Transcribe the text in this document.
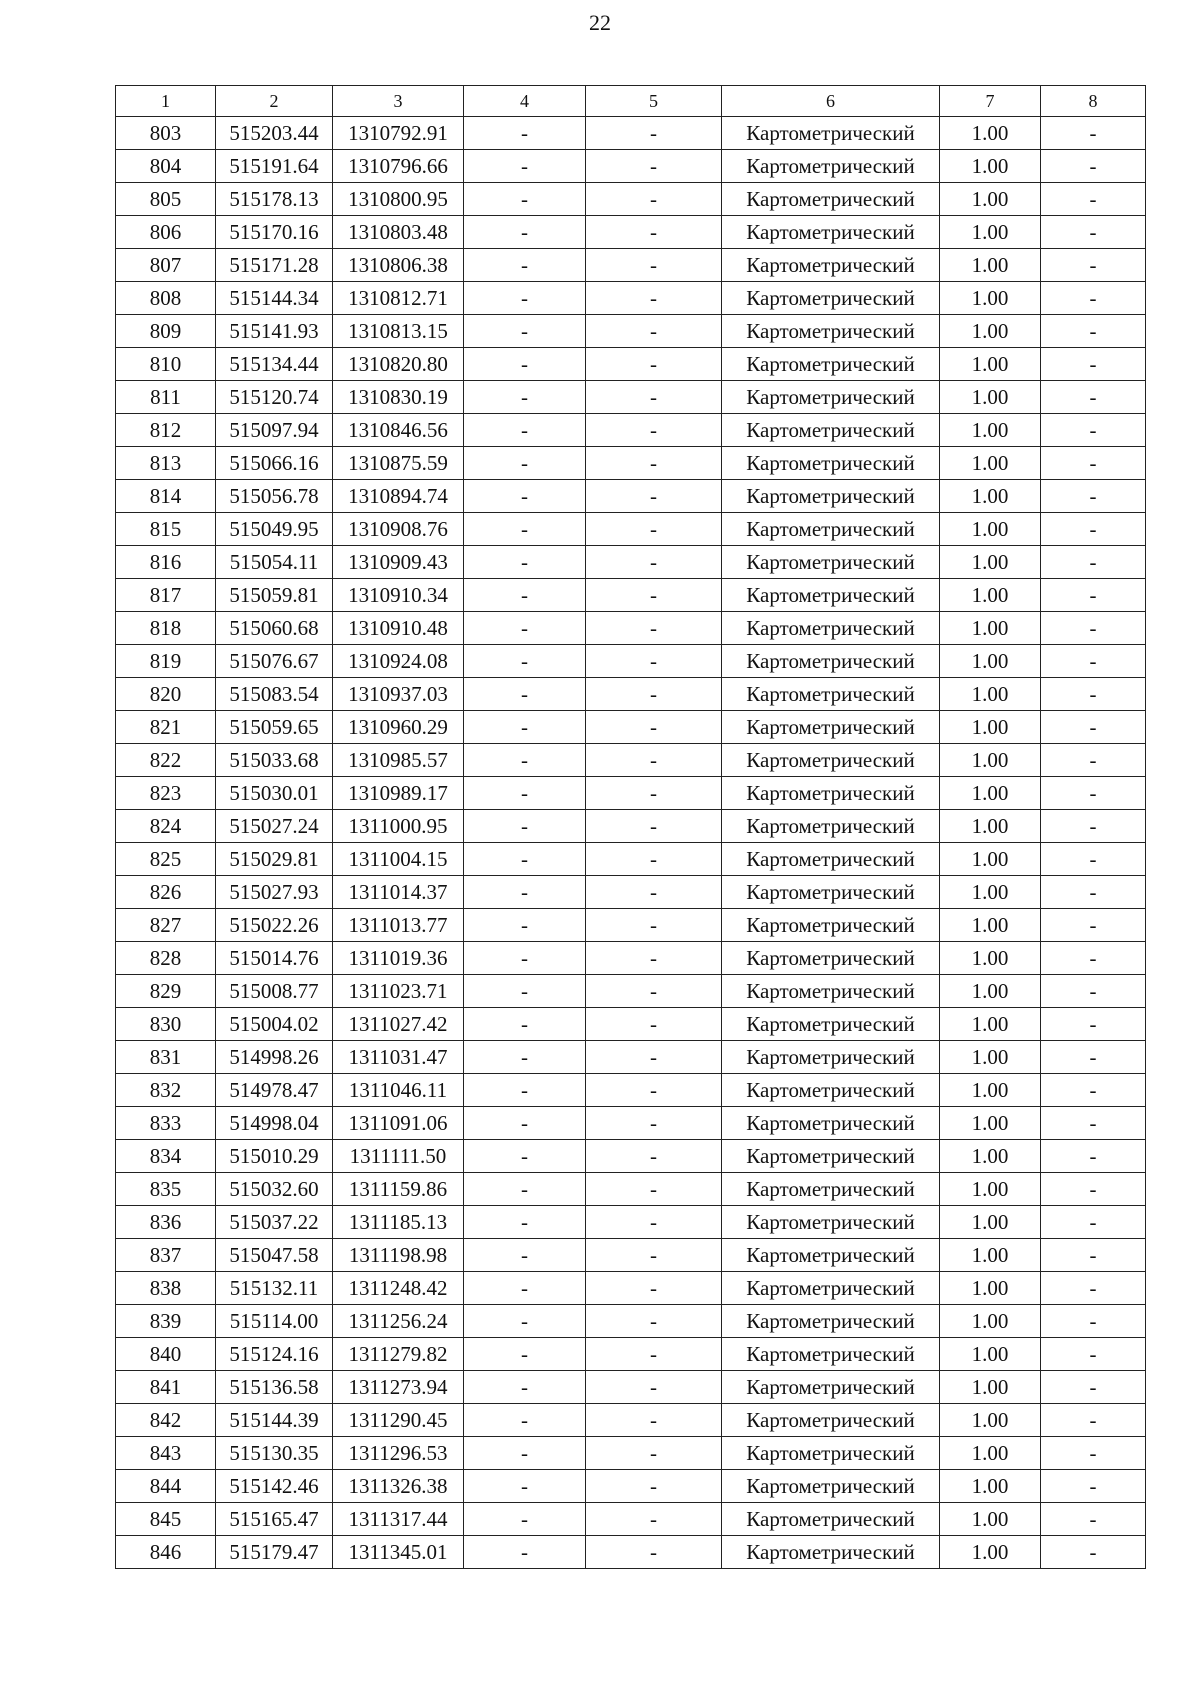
22
1	2	3	4	5	6	7	8
803	515203.44	1310792.91	-	-	Картометрический	1.00	-
804	515191.64	1310796.66	-	-	Картометрический	1.00	-
805	515178.13	1310800.95	-	-	Картометрический	1.00	-
806	515170.16	1310803.48	-	-	Картометрический	1.00	-
807	515171.28	1310806.38	-	-	Картометрический	1.00	-
808	515144.34	1310812.71	-	-	Картометрический	1.00	-
809	515141.93	1310813.15	-	-	Картометрический	1.00	-
810	515134.44	1310820.80	-	-	Картометрический	1.00	-
811	515120.74	1310830.19	-	-	Картометрический	1.00	-
812	515097.94	1310846.56	-	-	Картометрический	1.00	-
813	515066.16	1310875.59	-	-	Картометрический	1.00	-
814	515056.78	1310894.74	-	-	Картометрический	1.00	-
815	515049.95	1310908.76	-	-	Картометрический	1.00	-
816	515054.11	1310909.43	-	-	Картометрический	1.00	-
817	515059.81	1310910.34	-	-	Картометрический	1.00	-
818	515060.68	1310910.48	-	-	Картометрический	1.00	-
819	515076.67	1310924.08	-	-	Картометрический	1.00	-
820	515083.54	1310937.03	-	-	Картометрический	1.00	-
821	515059.65	1310960.29	-	-	Картометрический	1.00	-
822	515033.68	1310985.57	-	-	Картометрический	1.00	-
823	515030.01	1310989.17	-	-	Картометрический	1.00	-
824	515027.24	1311000.95	-	-	Картометрический	1.00	-
825	515029.81	1311004.15	-	-	Картометрический	1.00	-
826	515027.93	1311014.37	-	-	Картометрический	1.00	-
827	515022.26	1311013.77	-	-	Картометрический	1.00	-
828	515014.76	1311019.36	-	-	Картометрический	1.00	-
829	515008.77	1311023.71	-	-	Картометрический	1.00	-
830	515004.02	1311027.42	-	-	Картометрический	1.00	-
831	514998.26	1311031.47	-	-	Картометрический	1.00	-
832	514978.47	1311046.11	-	-	Картометрический	1.00	-
833	514998.04	1311091.06	-	-	Картометрический	1.00	-
834	515010.29	1311111.50	-	-	Картометрический	1.00	-
835	515032.60	1311159.86	-	-	Картометрический	1.00	-
836	515037.22	1311185.13	-	-	Картометрический	1.00	-
837	515047.58	1311198.98	-	-	Картометрический	1.00	-
838	515132.11	1311248.42	-	-	Картометрический	1.00	-
839	515114.00	1311256.24	-	-	Картометрический	1.00	-
840	515124.16	1311279.82	-	-	Картометрический	1.00	-
841	515136.58	1311273.94	-	-	Картометрический	1.00	-
842	515144.39	1311290.45	-	-	Картометрический	1.00	-
843	515130.35	1311296.53	-	-	Картометрический	1.00	-
844	515142.46	1311326.38	-	-	Картометрический	1.00	-
845	515165.47	1311317.44	-	-	Картометрический	1.00	-
846	515179.47	1311345.01	-	-	Картометрический	1.00	-
